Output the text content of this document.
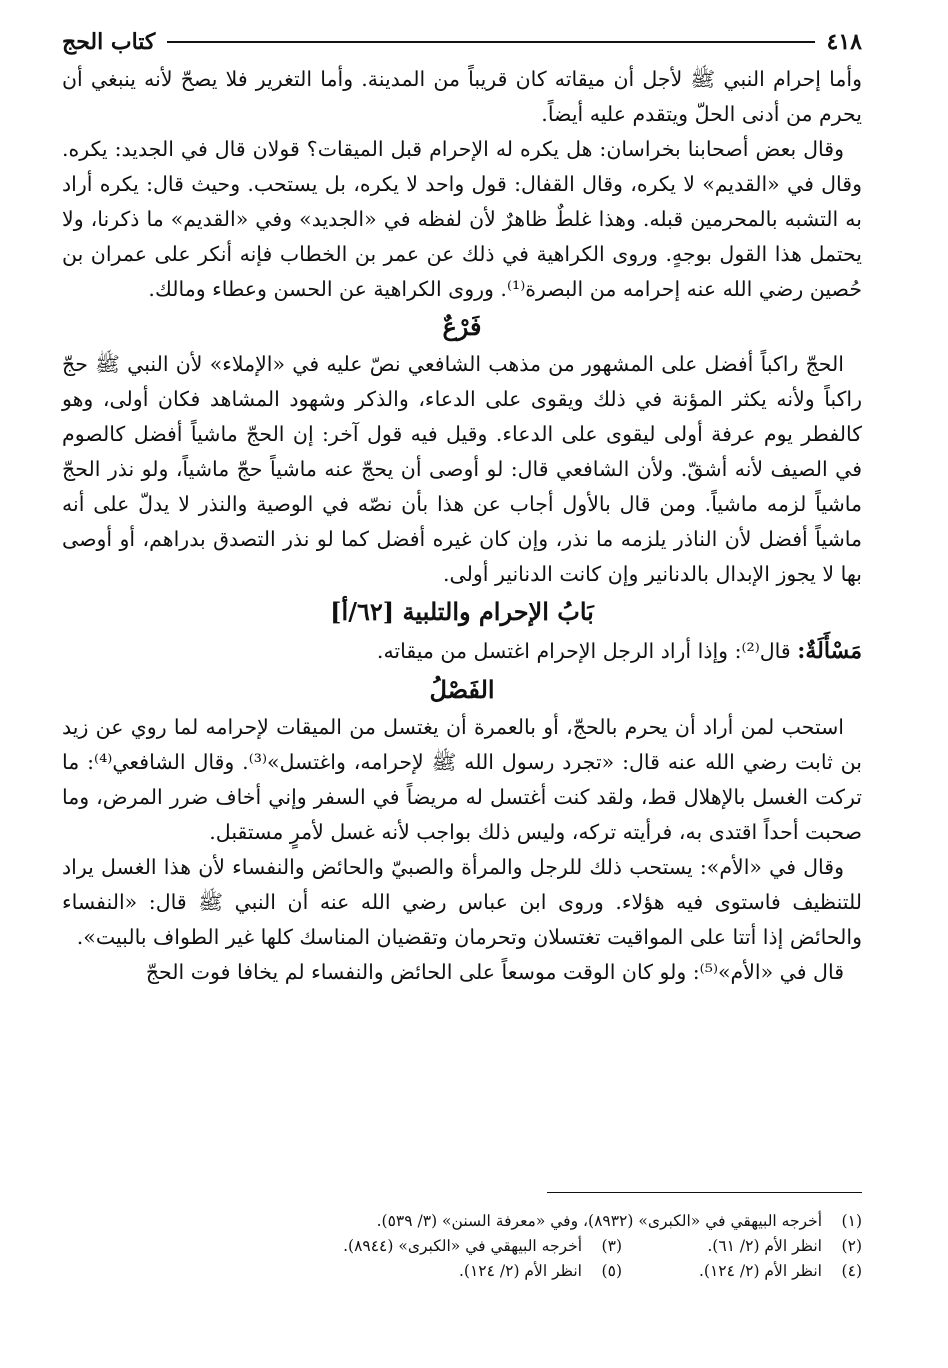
٤١٨
كتاب الحج

وأما إحرام النبي ﷺ لأجل أن ميقاته كان قريباً من المدينة. وأما التغرير فلا يصحّ لأنه ينبغي أن يحرم من أدنى الحلّ ويتقدم عليه أيضاً.

وقال بعض أصحابنا بخراسان: هل يكره له الإحرام قبل الميقات؟ قولان قال في الجديد: يكره. وقال في «القديم» لا يكره، وقال القفال: قول واحد لا يكره، بل يستحب. وحيث قال: يكره أراد به التشبه بالمحرمين قبله. وهذا غلطٌ ظاهرٌ لأن لفظه في «الجديد» وفي «القديم» ما ذكرنا، ولا يحتمل هذا القول بوجهٍ. وروى الكراهية في ذلك عن عمر بن الخطاب فإنه أنكر على عمران بن حُصين رضي الله عنه إحرامه من البصرة⁽¹⁾. وروى الكراهية عن الحسن وعطاء ومالك.

فَرْعٌ

الحجّ راكباً أفضل على المشهور من مذهب الشافعي نصّ عليه في «الإملاء» لأن النبي ﷺ حجّ راكباً ولأنه يكثر المؤنة في ذلك ويقوى على الدعاء، والذكر وشهود المشاهد فكان أولى، وهو كالفطر يوم عرفة أولى ليقوى على الدعاء. وقيل فيه قول آخر: إن الحجّ ماشياً أفضل كالصوم في الصيف لأنه أشقّ. ولأن الشافعي قال: لو أوصى أن يحجّ عنه ماشياً حجّ ماشياً، ولو نذر الحجّ ماشياً لزمه ماشياً. ومن قال بالأول أجاب عن هذا بأن نصّه في الوصية والنذر لا يدلّ على أنه ماشياً أفضل لأن الناذر يلزمه ما نذر، وإن كان غيره أفضل كما لو نذر التصدق بدراهم، أو أوصى بها لا يجوز الإبدال بالدنانير وإن كانت الدنانير أولى.

بَابُ الإحرام والتلبية [٦٢/أ]

مَسْأَلَةٌ: قال⁽²⁾: وإذا أراد الرجل الإحرام اغتسل من ميقاته.

الفَصْلُ

استحب لمن أراد أن يحرم بالحجّ، أو بالعمرة أن يغتسل من الميقات لإحرامه لما روي عن زيد بن ثابت رضي الله عنه قال: «تجرد رسول الله ﷺ لإحرامه، واغتسل»⁽³⁾. وقال الشافعي⁽⁴⁾: ما تركت الغسل بالإهلال قط، ولقد كنت أغتسل له مريضاً في السفر وإني أخاف ضرر المرض، وما صحبت أحداً اقتدى به، فرأيته تركه، وليس ذلك بواجب لأنه غسل لأمرٍ مستقبل.

وقال في «الأم»: يستحب ذلك للرجل والمرأة والصبيّ والحائض والنفساء لأن هذا الغسل يراد للتنظيف فاستوى فيه هؤلاء. وروى ابن عباس رضي الله عنه أن النبي ﷺ قال: «النفساء والحائض إذا أتتا على المواقيت تغتسلان وتحرمان وتقضيان المناسك كلها غير الطواف بالبيت».

قال في «الأم»⁽⁵⁾: ولو كان الوقت موسعاً على الحائض والنفساء لم يخافا فوت الحجّ

(١)
أخرجه البيهقي في «الكبرى» (٨٩٣٢)، وفي «معرفة السنن» (٣/ ٥٣٩).
(٢)
انظر الأم (٢/ ٦١).
(٣)
أخرجه البيهقي في «الكبرى» (٨٩٤٤).
(٤)
انظر الأم (٢/ ١٢٤).
(٥)
انظر الأم (٢/ ١٢٤).
